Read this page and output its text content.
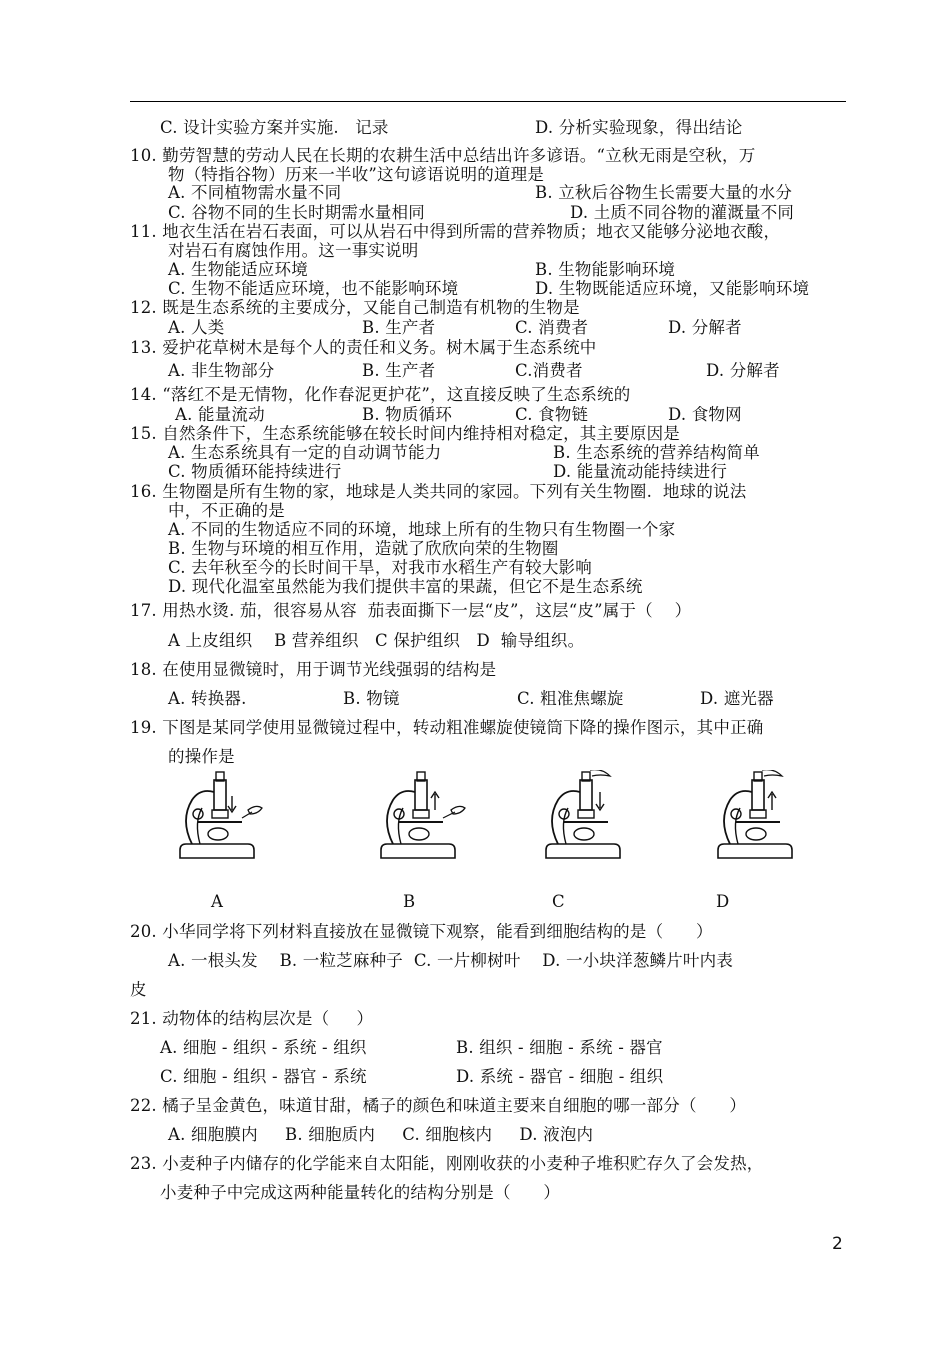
C. 设计实验方案并实施.   记录	D. 分析实验现象，得出结论
10. 勤劳智慧的劳动人民在长期的农耕生活中总结出许多谚语。“立秋无雨是空秋，万
物（特指谷物）历来一半收”这句谚语说明的道理是
A. 不同植物需水量不同	B. 立秋后谷物生长需要大量的水分
C. 谷物不同的生长时期需水量相同	D. 土质不同谷物的灌溉量不同
11. 地衣生活在岩石表面，可以从岩石中得到所需的营养物质；地衣又能够分泌地衣酸，
对岩石有腐蚀作用。这一事实说明
A. 生物能适应环境	B. 生物能影响环境
C. 生物不能适应环境，也不能影响环境	D. 生物既能适应环境，又能影响环境
12. 既是生态系统的主要成分，又能自己制造有机物的生物是
A. 人类	B. 生产者	C. 消费者	D. 分解者
13. 爱护花草树木是每个人的责任和义务。树木属于生态系统中
A. 非生物部分	B. 生产者	C.消费者	D. 分解者
14. “落红不是无情物，化作春泥更护花”，这直接反映了生态系统的
A. 能量流动	B. 物质循环	C. 食物链	D. 食物网
15. 自然条件下，生态系统能够在较长时间内维持相对稳定，其主要原因是
A. 生态系统具有一定的自动调节能力	B. 生态系统的营养结构简单
C. 物质循环能持续进行	D. 能量流动能持续进行
16. 生物圈是所有生物的家，地球是人类共同的家园。下列有关生物圈.  地球的说法
中，不正确的是
A. 不同的生物适应不同的环境，地球上所有的生物只有生物圈一个家
B. 生物与环境的相互作用，造就了欣欣向荣的生物圈
C. 去年秋至今的长时间干旱，对我市水稻生产有较大影响
D. 现代化温室虽然能为我们提供丰富的果蔬，但它不是生态系统
17. 用热水烫. 茄，很容易从容  茄表面撕下一层“皮”，这层“皮”属于（    ）
A 上皮组织    B 营养组织   C 保护组织   D  输导组织。
18. 在使用显微镜时，用于调节光线强弱的结构是
A. 转换器.	B. 物镜	C. 粗准焦螺旋	D. 遮光器
19. 下图是某同学使用显微镜过程中，转动粗准螺旋使镜筒下降的操作图示，其中正确
的操作是
20. 小华同学将下列材料直接放在显微镜下观察，能看到细胞结构的是（      ）
A. 一根头发    B. 一粒芝麻种子  C. 一片柳树叶    D. 一小块洋葱鳞片叶内表
皮
21. 动物体的结构层次是（     ）
A. 细胞 - 组织 - 系统 - 组织	B. 组织 - 细胞 - 系统 - 器官
C. 细胞 - 组织 - 器官 - 系统	D. 系统 - 器官 - 细胞 - 组织
22. 橘子呈金黄色，味道甘甜，橘子的颜色和味道主要来自细胞的哪一部分（      ）
A. 细胞膜内     B. 细胞质内     C. 细胞核内     D. 液泡内
23. 小麦种子内储存的化学能来自太阳能，刚刚收获的小麦种子堆积贮存久了会发热，
小麦种子中完成这两种能量转化的结构分别是（      ）
A	B	C	D
2
